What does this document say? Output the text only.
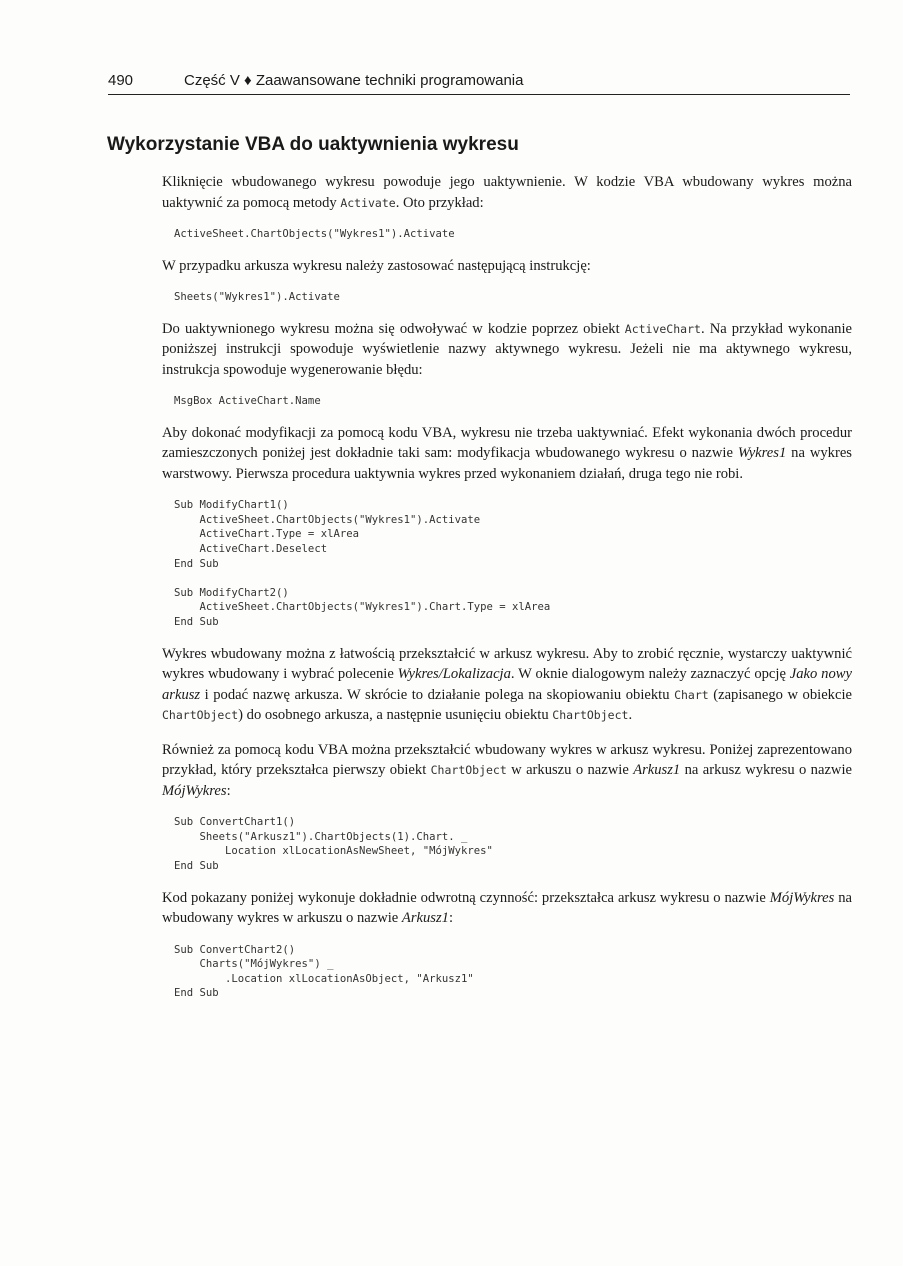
490	Część V ♦ Zaawansowane techniki programowania
Wykorzystanie VBA do uaktywnienia wykresu

Kliknięcie wbudowanego wykresu powoduje jego uaktywnienie. W kodzie VBA wbudowany wykres można uaktywnić za pomocą metody Activate. Oto przykład:

ActiveSheet.ChartObjects("Wykres1").Activate

W przypadku arkusza wykresu należy zastosować następującą instrukcję:

Sheets("Wykres1").Activate

Do uaktywnionego wykresu można się odwoływać w kodzie poprzez obiekt ActiveChart. Na przykład wykonanie poniższej instrukcji spowoduje wyświetlenie nazwy aktywnego wykresu. Jeżeli nie ma aktywnego wykresu, instrukcja spowoduje wygenerowanie błędu:

MsgBox ActiveChart.Name

Aby dokonać modyfikacji za pomocą kodu VBA, wykresu nie trzeba uaktywniać. Efekt wykonania dwóch procedur zamieszczonych poniżej jest dokładnie taki sam: modyfikacja wbudowanego wykresu o nazwie Wykres1 na wykres warstwowy. Pierwsza procedura uaktywnia wykres przed wykonaniem działań, druga tego nie robi.

Sub ModifyChart1()
ActiveSheet.ChartObjects("Wykres1").Activate
ActiveChart.Type = xlArea
ActiveChart.Deselect
End Sub

Sub ModifyChart2()
ActiveSheet.ChartObjects("Wykres1").Chart.Type = xlArea
End Sub

Wykres wbudowany można z łatwością przekształcić w arkusz wykresu. Aby to zrobić ręcznie, wystarczy uaktywnić wykres wbudowany i wybrać polecenie Wykres/Lokalizacja. W oknie dialogowym należy zaznaczyć opcję Jako nowy arkusz i podać nazwę arkusza. W skrócie to działanie polega na skopiowaniu obiektu Chart (zapisanego w obiekcie ChartObject) do osobnego arkusza, a następnie usunięciu obiektu ChartObject.

Również za pomocą kodu VBA można przekształcić wbudowany wykres w arkusz wykresu. Poniżej zaprezentowano przykład, który przekształca pierwszy obiekt ChartObject w arkuszu o nazwie Arkusz1 na arkusz wykresu o nazwie MójWykres:

Sub ConvertChart1()
Sheets("Arkusz1").ChartObjects(1).Chart. _
Location xlLocationAsNewSheet, "MójWykres"
End Sub

Kod pokazany poniżej wykonuje dokładnie odwrotną czynność: przekształca arkusz wykresu o nazwie MójWykres na wbudowany wykres w arkuszu o nazwie Arkusz1:

Sub ConvertChart2()
Charts("MójWykres") _
.Location xlLocationAsObject, "Arkusz1"
End Sub
